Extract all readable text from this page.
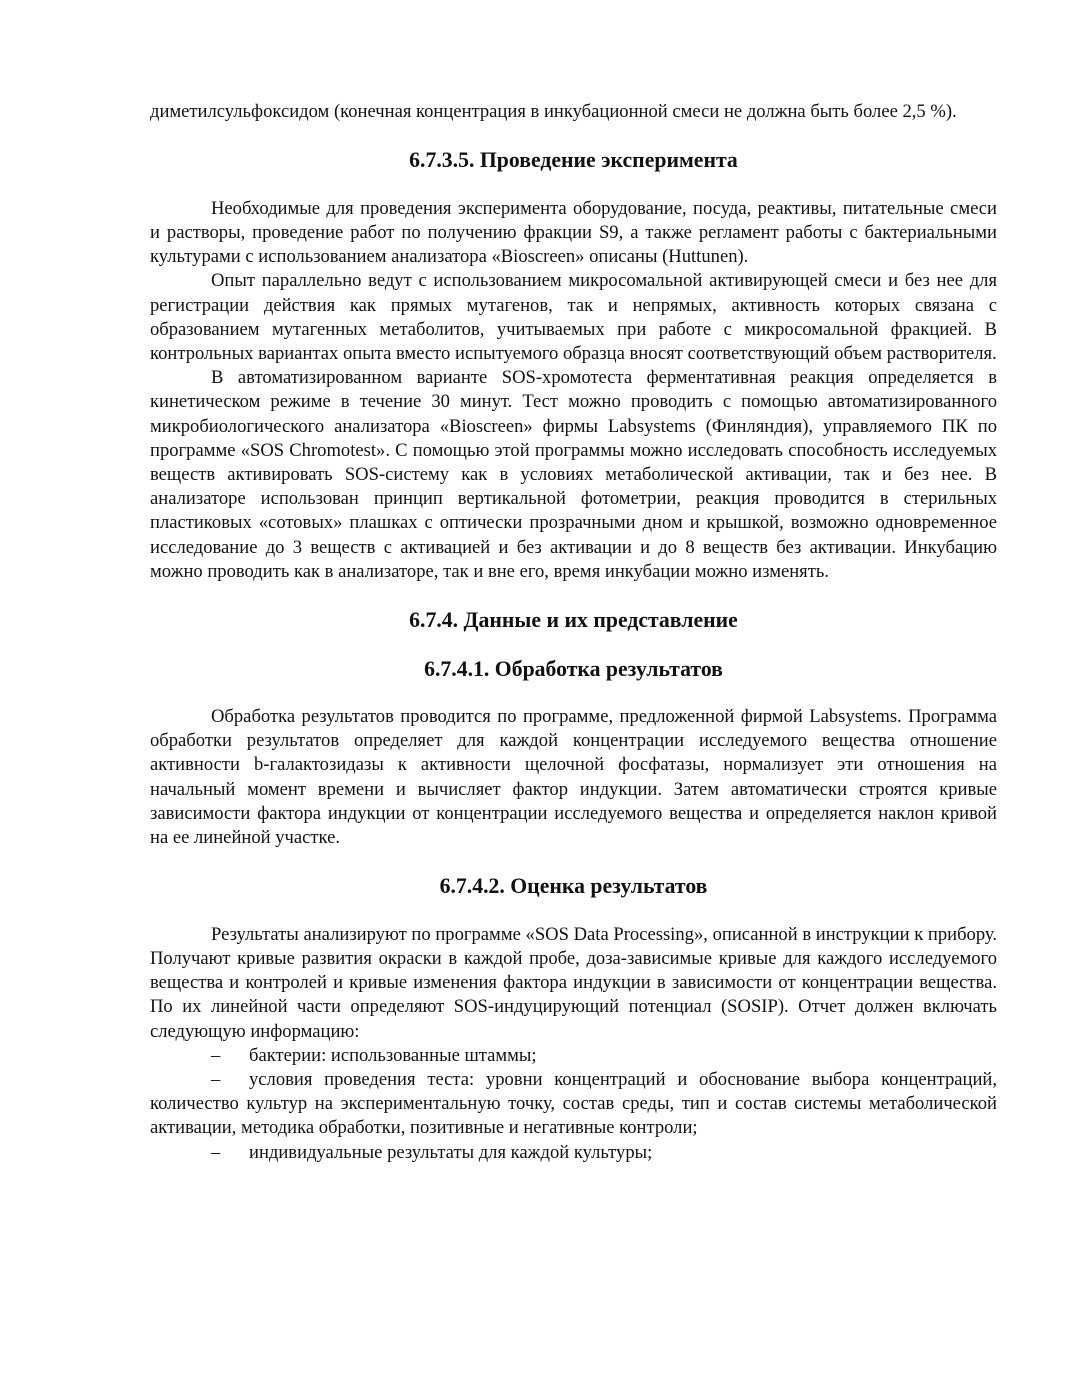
диметилсульфоксидом (конечная концентрация в инкубационной смеси не должна быть более 2,5 %).

6.7.3.5. Проведение эксперимента

Необходимые для проведения эксперимента оборудование, посуда, реактивы, питательные смеси и растворы, проведение работ по получению фракции S9, а также регламент работы с бактериальными культурами с использованием анализатора «Bioscreen» описаны (Huttunen).

Опыт параллельно ведут с использованием микросомальной активирующей смеси и без нее для регистрации действия как прямых мутагенов, так и непрямых, активность которых связана с образованием мутагенных метаболитов, учитываемых при работе с микросомальной фракцией. В контрольных вариантах опыта вместо испытуемого образца вносят соответствующий объем растворителя.

В автоматизированном варианте SOS-хромотеста ферментативная реакция определяется в кинетическом режиме в течение 30 минут. Тест можно проводить с помощью автоматизированного микробиологического анализатора «Bioscreen» фирмы Labsystems (Финляндия), управляемого ПК по программе «SOS Chromotest». С помощью этой программы можно исследовать способность исследуемых веществ активировать SOS-систему как в условиях метаболической активации, так и без нее. В анализаторе использован принцип вертикальной фотометрии, реакция проводится в стерильных пластиковых «сотовых» плашках с оптически прозрачными дном и крышкой, возможно одновременное исследование до 3 веществ с активацией и без активации и до 8 веществ без активации. Инкубацию можно проводить как в анализаторе, так и вне его, время инкубации можно изменять.

6.7.4. Данные и их представление
6.7.4.1. Обработка результатов

Обработка результатов проводится по программе, предложенной фирмой Labsystems. Программа обработки результатов определяет для каждой концентрации исследуемого вещества отношение активности b-галактозидазы к активности щелочной фосфатазы, нормализует эти отношения на начальный момент времени и вычисляет фактор индукции. Затем автоматически строятся кривые зависимости фактора индукции от концентрации исследуемого вещества и определяется наклон кривой на ее линейной участке.

6.7.4.2. Оценка результатов

Результаты анализируют по программе «SOS Data Processing», описанной в инструкции к прибору. Получают кривые развития окраски в каждой пробе, доза-зависимые кривые для каждого исследуемого вещества и контролей и кривые изменения фактора индукции в зависимости от концентрации вещества. По их линейной части определяют SOS-индуцирующий потенциал (SOSIP). Отчет должен включать следующую информацию:

– бактерии: использованные штаммы;
– условия проведения теста: уровни концентраций и обоснование выбора концентраций, количество культур на экспериментальную точку, состав среды, тип и состав системы метаболической активации, методика обработки, позитивные и негативные контроли;
– индивидуальные результаты для каждой культуры;
